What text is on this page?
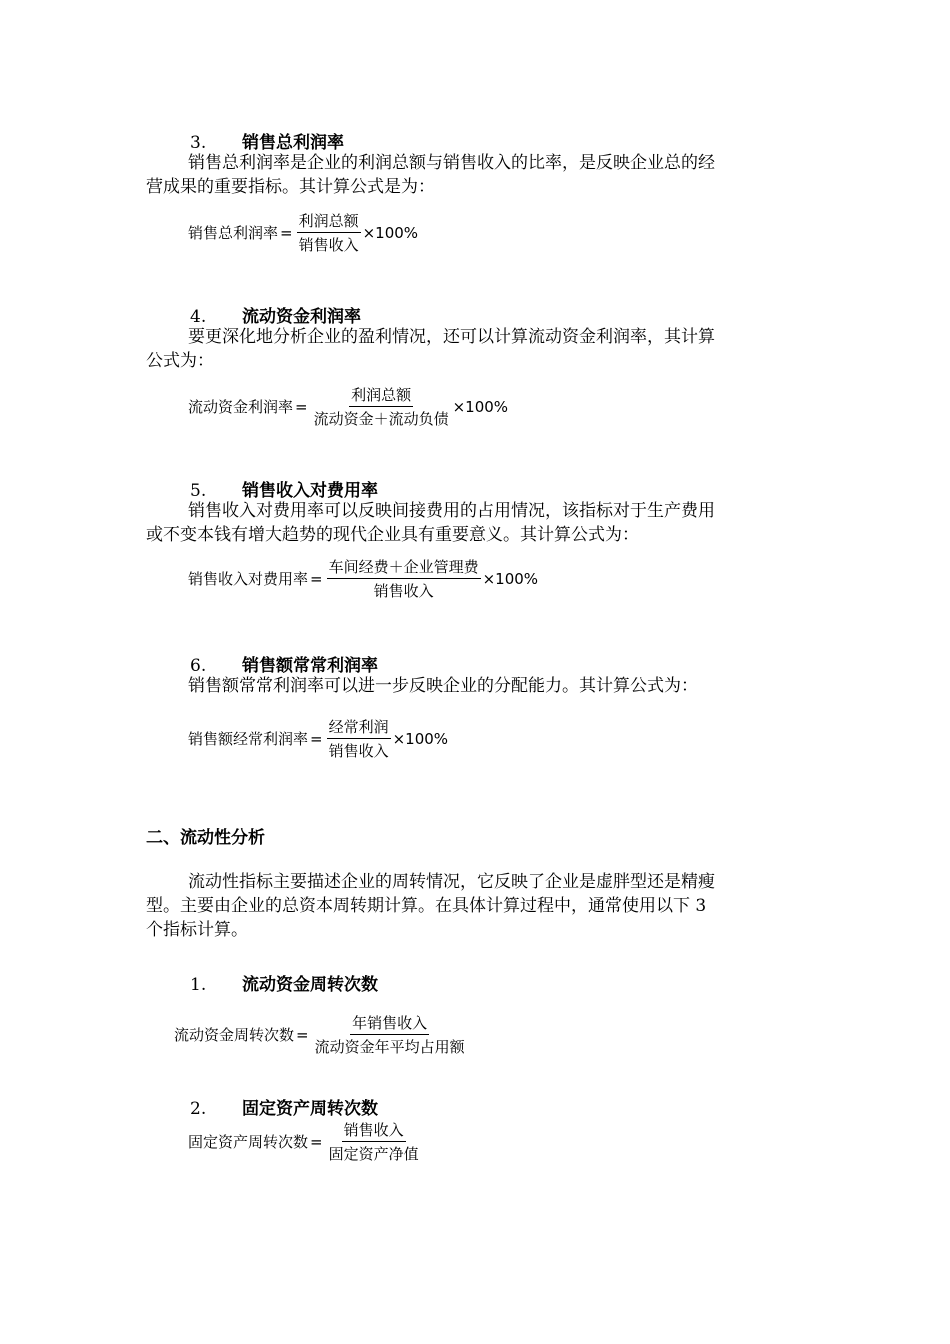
3. 销售总利润率
销售总利润率是企业的利润总额与销售收入的比率，是反映企业总的经
营成果的重要指标。其计算公式是为：
销售总利润率 = $\frac{\text{利润总额}}{\text{销售收入}} \times 100\%$
4. 流动资金利润率
要更深化地分析企业的盈利情况，还可以计算流动资金利润率，其计算
公式为：
流动资金利润率 = $\frac{\text{利润总额}}{\text{流动资金＋流动负债}} \times 100\%$
5. 销售收入对费用率
销售收入对费用率可以反映间接费用的占用情况，该指标对于生产费用
或不变本钱有增大趋势的现代企业具有重要意义。其计算公式为：
销售收入对费用率 = $\frac{\text{车间经费＋企业管理费}}{\text{销售收入}} \times 100\%$
6. 销售额常常利润率
销售额常常利润率可以进一步反映企业的分配能力。其计算公式为：
销售额经常利润率 = $\frac{\text{经常利润}}{\text{销售收入}} \times 100\%$
二、流动性分析
流动性指标主要描述企业的周转情况，它反映了企业是虚胖型还是精瘦
型。主要由企业的总资本周转期计算。在具体计算过程中，通常使用以下 3
个指标计算。
1. 流动资金周转次数
流动资金周转次数 = $\frac{\text{年销售收入}}{\text{流动资金年平均占用额}}$
2. 固定资产周转次数
固定资产周转次数 = $\frac{\text{销售收入}}{\text{固定资产净值}}$
